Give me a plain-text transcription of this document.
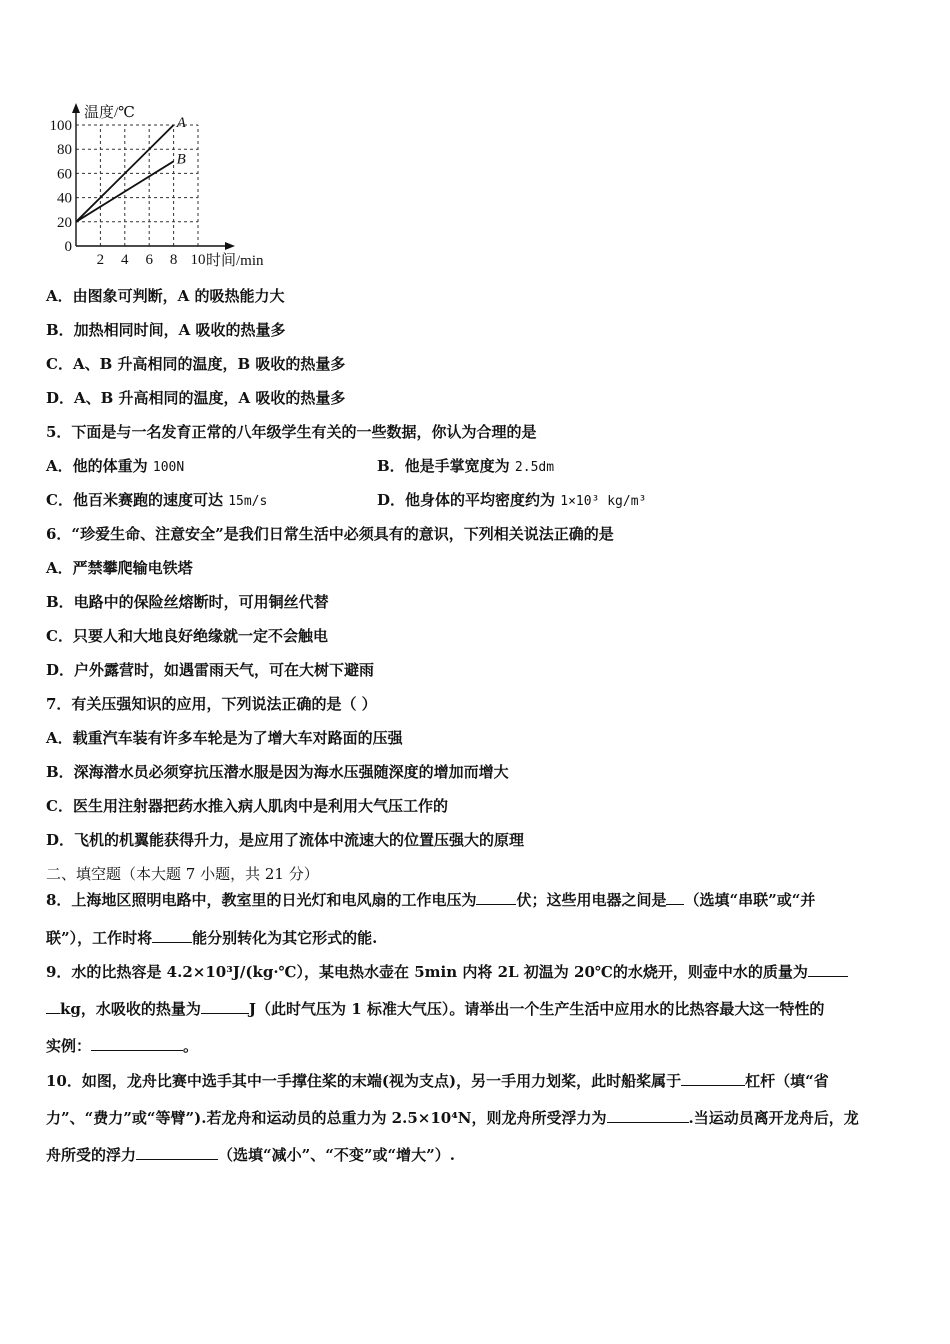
A
B
0
20
40
60
80
100
2 4 6 8 10
温度/℃
时间/min
A．由图象可判断，A 的吸热能力大
B．加热相同时间，A 吸收的热量多
C．A、B 升高相同的温度，B 吸收的热量多
D．A、B 升高相同的温度，A 吸收的热量多
5．下面是与一名发育正常的八年级学生有关的一些数据，你认为合理的是
A．他的体重为 100N	B．他是手掌宽度为 2.5dm
C．他百米赛跑的速度可达 15m/s	D．他身体的平均密度约为 1×10³ kg/m³
6．“珍爱生命、注意安全”是我们日常生活中必须具有的意识，下列相关说法正确的是
A．严禁攀爬输电铁塔
B．电路中的保险丝熔断时，可用铜丝代替
C．只要人和大地良好绝缘就一定不会触电
D．户外露营时，如遇雷雨天气，可在大树下避雨
7．有关压强知识的应用，下列说法正确的是（ ）
A．载重汽车装有许多车轮是为了增大车对路面的压强
B．深海潜水员必须穿抗压潜水服是因为海水压强随深度的增加而增大
C．医生用注射器把药水推入病人肌肉中是利用大气压工作的
D．飞机的机翼能获得升力，是应用了流体中流速大的位置压强大的原理
二、填空题（本大题 7 小题，共 21 分）
8．上海地区照明电路中，教室里的日光灯和电风扇的工作电压为	伏；这些用电器之间是 （选填“串联”或“并
联”），工作时将	能分别转化为其它形式的能.
9．水的比热容是 4.2×10³J/(kg·℃），某电热水壶在 5min 内将 2L 初温为 20℃的水烧开，则壶中水的质量为
kg，水吸收的热量为	J（此时气压为 1 标准大气压）。请举出一个生产生活中应用水的比热容最大这一特性的
实例：	。
10．如图，龙舟比赛中选手其中一手撑住桨的末端(视为支点)，另一手用力划桨，此时船桨属于	杠杆（填“省
力”、“费力”或“等臂”).若龙舟和运动员的总重力为 2.5×10⁴N，则龙舟所受浮力为	.当运动员离开龙舟后，龙
舟所受的浮力	（选填“减小”、“不变”或“增大”）.
